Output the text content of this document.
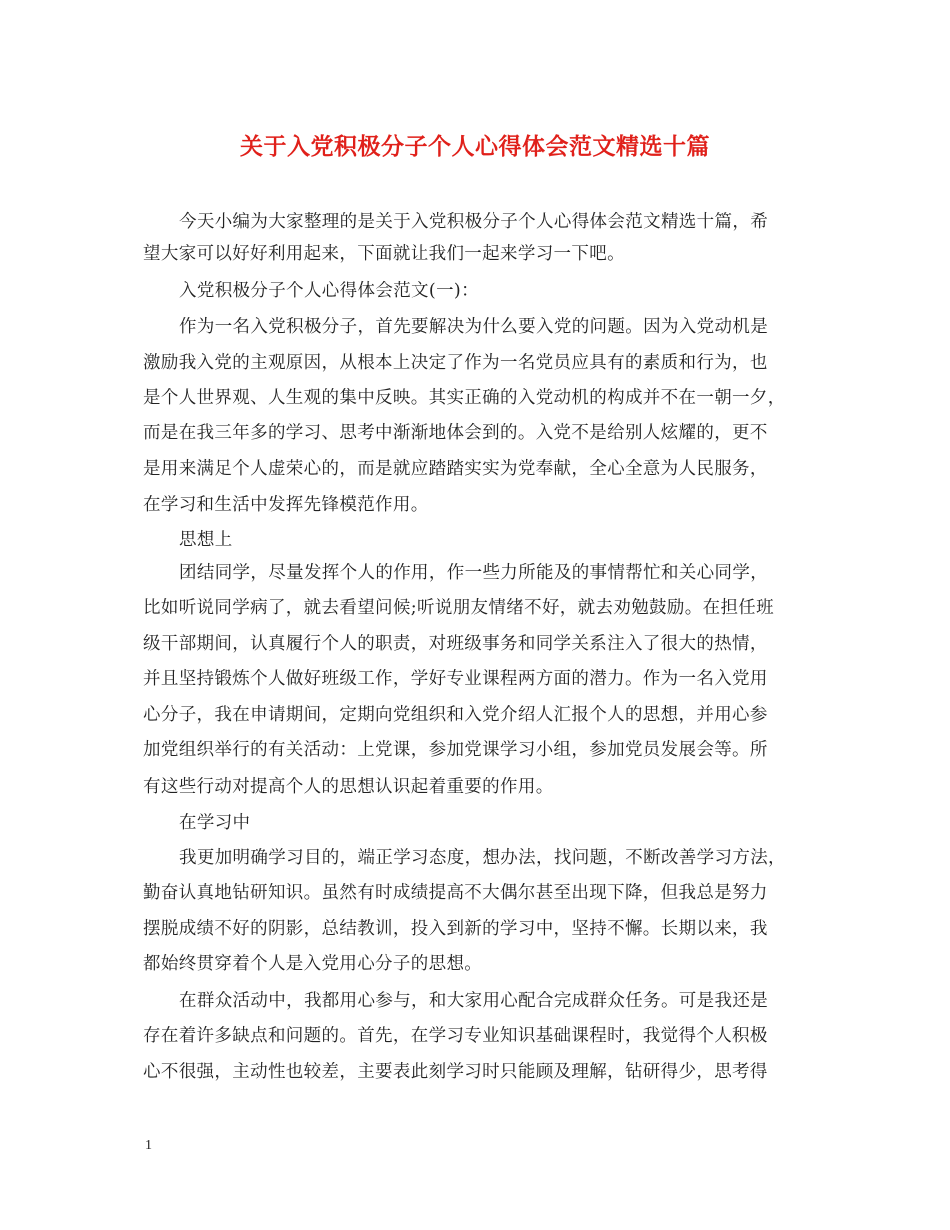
关于入党积极分子个人心得体会范文精选十篇
今天小编为大家整理的是关于入党积极分子个人心得体会范文精选十篇，希
望大家可以好好利用起来，下面就让我们一起来学习一下吧。
入党积极分子个人心得体会范文(一)：
作为一名入党积极分子，首先要解决为什么要入党的问题。因为入党动机是
激励我入党的主观原因，从根本上决定了作为一名党员应具有的素质和行为，也
是个人世界观、人生观的集中反映。其实正确的入党动机的构成并不在一朝一夕，
而是在我三年多的学习、思考中渐渐地体会到的。入党不是给别人炫耀的，更不
是用来满足个人虚荣心的，而是就应踏踏实实为党奉献，全心全意为人民服务，
在学习和生活中发挥先锋模范作用。
思想上
团结同学，尽量发挥个人的作用，作一些力所能及的事情帮忙和关心同学，
比如听说同学病了，就去看望问候;听说朋友情绪不好，就去劝勉鼓励。在担任班
级干部期间，认真履行个人的职责，对班级事务和同学关系注入了很大的热情，
并且坚持锻炼个人做好班级工作，学好专业课程两方面的潜力。作为一名入党用
心分子，我在申请期间，定期向党组织和入党介绍人汇报个人的思想，并用心参
加党组织举行的有关活动：上党课，参加党课学习小组，参加党员发展会等。所
有这些行动对提高个人的思想认识起着重要的作用。
在学习中
我更加明确学习目的，端正学习态度，想办法，找问题，不断改善学习方法，
勤奋认真地钻研知识。虽然有时成绩提高不大偶尔甚至出现下降，但我总是努力
摆脱成绩不好的阴影，总结教训，投入到新的学习中，坚持不懈。长期以来，我
都始终贯穿着个人是入党用心分子的思想。
在群众活动中，我都用心参与，和大家用心配合完成群众任务。可是我还是
存在着许多缺点和问题的。首先，在学习专业知识基础课程时，我觉得个人积极
心不很强，主动性也较差，主要表此刻学习时只能顾及理解，钻研得少，思考得
1
